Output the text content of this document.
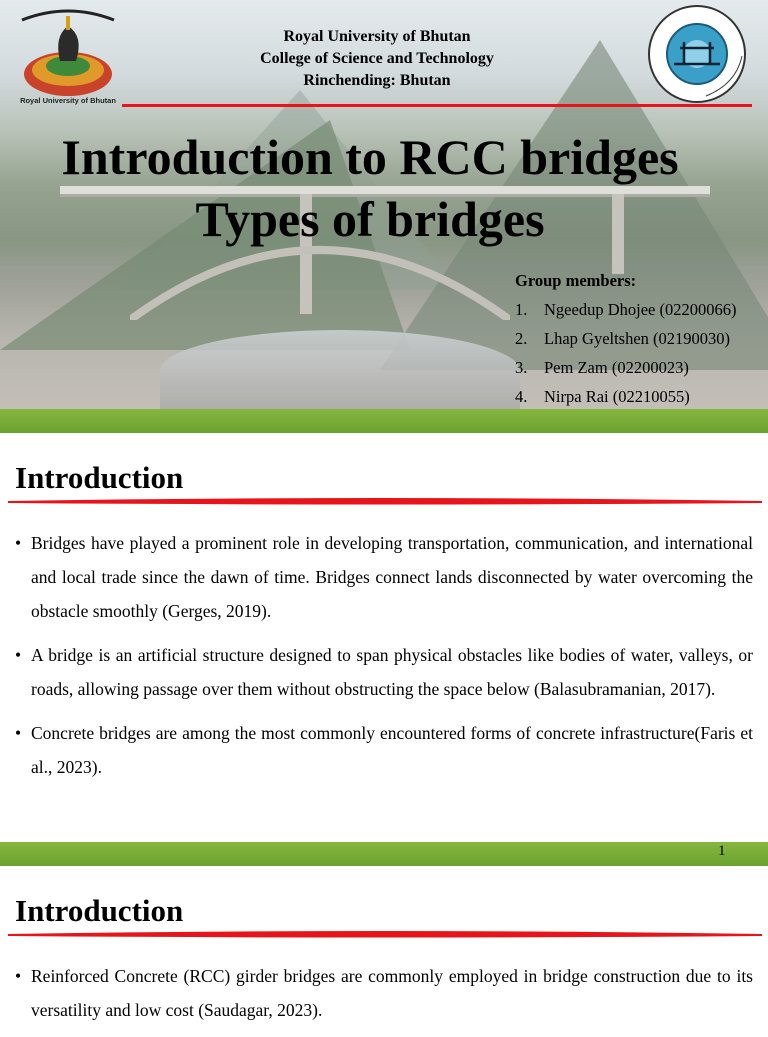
Royal University of Bhutan
Royal University of Bhutan
College of Science and Technology
Rinchending: Bhutan
Introduction to RCC bridges
Types of bridges
Group members:
1. Ngeedup Dhojee (02200066)
2. Lhap Gyeltshen (02190030)
3. Pem Zam (02200023)
4. Nirpa Rai (02210055)
Introduction
• Bridges have played a prominent role in developing transportation, communication, and international and local trade since the dawn of time. Bridges connect lands disconnected by water overcoming the obstacle smoothly (Gerges, 2019).
• A bridge is an artificial structure designed to span physical obstacles like bodies of water, valleys, or roads, allowing passage over them without obstructing the space below (Balasubramanian, 2017).
• Concrete bridges are among the most commonly encountered forms of concrete infrastructure(Faris et al., 2023).
1
Introduction
• Reinforced Concrete (RCC) girder bridges are commonly employed in bridge construction due to its versatility and low cost (Saudagar, 2023).
